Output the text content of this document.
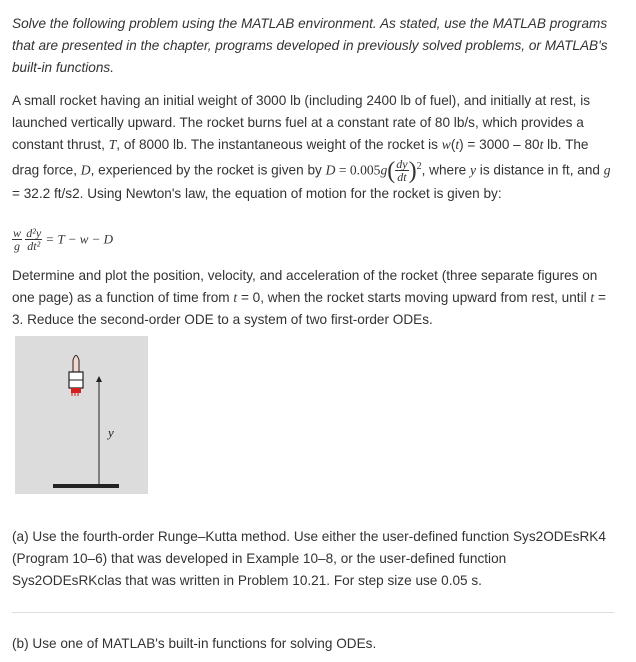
Solve the following problem using the MATLAB environment. As stated, use the MATLAB programs that are presented in the chapter, programs developed in previously solved problems, or MATLAB's built-in functions.
A small rocket having an initial weight of 3000 lb (including 2400 lb of fuel), and initially at rest, is launched vertically upward. The rocket burns fuel at a constant rate of 80 lb/s, which provides a constant thrust, T, of 8000 lb. The instantaneous weight of the rocket is w(t) = 3000 – 80t lb. The drag force, D, experienced by the rocket is given by $D = 0.005g( \frac{dy}{dt} )^2$, where y is distance in ft, and g = 32.2 ft/s2. Using Newton's law, the equation of motion for the rocket is given by:
$\frac{w}{g}$
$\frac{\text{d²y}}{\text{dt²}} = T - w - D$
Determine and plot the position, velocity, and acceleration of the rocket (three separate figures on one page) as a function of time from t = 0, when the rocket starts moving upward from rest, until t = 3. Reduce the second-order ODE to a system of two first-order ODEs.
y
(a) Use the fourth-order Runge–Kutta method. Use either the user-defined function Sys2ODEsRK4 (Program 10–6) that was developed in Example 10–8, or the user-defined function Sys2ODEsRKclas that was written in Problem 10.21. For step size use 0.05 s.
(b) Use one of MATLAB's built-in functions for solving ODEs.
